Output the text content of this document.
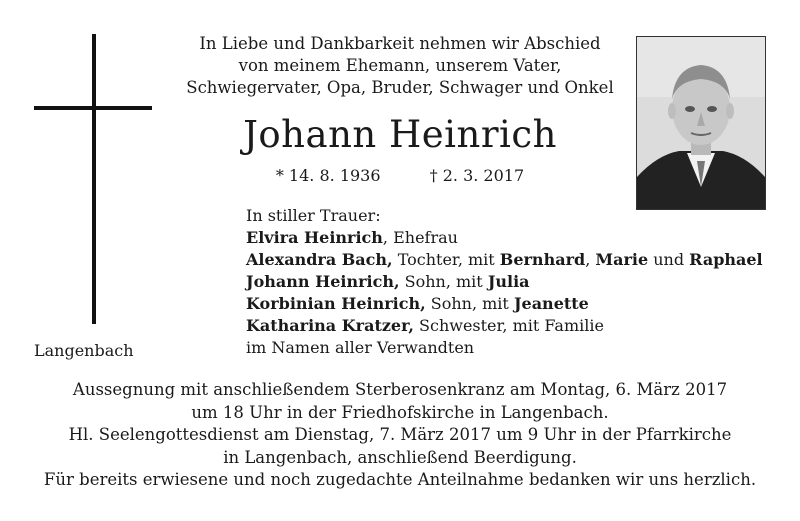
Langenbach
In Liebe und Dankbarkeit nehmen wir Abschied
von meinem Ehemann, unserem Vater,
Schwiegervater, Opa, Bruder, Schwager und Onkel
Johann Heinrich
* 14. 8. 1936	† 2. 3. 2017
In stiller Trauer:
Elvira Heinrich, Ehefrau
Alexandra Bach, Tochter, mit Bernhard, Marie und Raphael
Johann Heinrich, Sohn, mit Julia
Korbinian Heinrich, Sohn, mit Jeanette
Katharina Kratzer, Schwester, mit Familie
im Namen aller Verwandten
Aussegnung mit anschließendem Sterberosenkranz am Montag, 6. März 2017
um 18 Uhr in der Friedhofskirche in Langenbach.
Hl. Seelengottesdienst am Dienstag, 7. März 2017 um 9 Uhr in der Pfarrkirche
in Langenbach, anschließend Beerdigung.
Für bereits erwiesene und noch zugedachte Anteilnahme bedanken wir uns herzlich.
